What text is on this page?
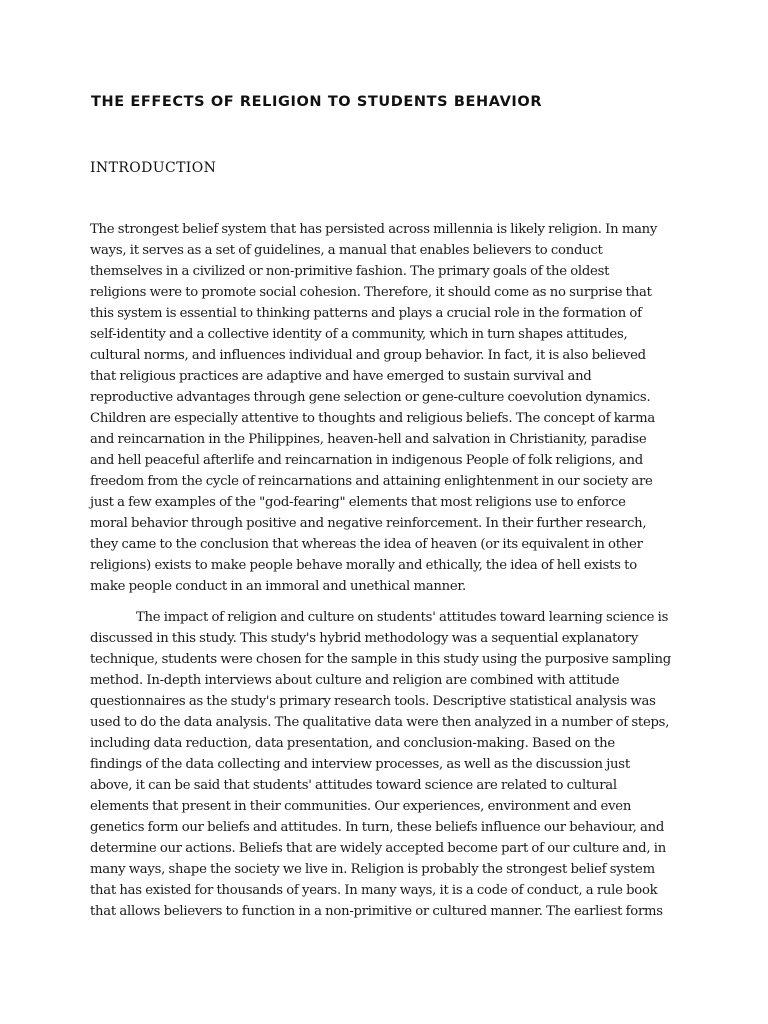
THE EFFECTS OF RELIGION TO STUDENTS BEHAVIOR
INTRODUCTION

The strongest belief system that has persisted across millennia is likely religion. In many
ways, it serves as a set of guidelines, a manual that enables believers to conduct
themselves in a civilized or non-primitive fashion. The primary goals of the oldest
religions were to promote social cohesion. Therefore, it should come as no surprise that
this system is essential to thinking patterns and plays a crucial role in the formation of
self-identity and a collective identity of a community, which in turn shapes attitudes,
cultural norms, and influences individual and group behavior. In fact, it is also believed
that religious practices are adaptive and have emerged to sustain survival and
reproductive advantages through gene selection or gene-culture coevolution dynamics.
Children are especially attentive to thoughts and religious beliefs. The concept of karma
and reincarnation in the Philippines, heaven-hell and salvation in Christianity, paradise
and hell peaceful afterlife and reincarnation in indigenous People of folk religions, and
freedom from the cycle of reincarnations and attaining enlightenment in our society are
just a few examples of the "god-fearing" elements that most religions use to enforce
moral behavior through positive and negative reinforcement. In their further research,
they came to the conclusion that whereas the idea of heaven (or its equivalent in other
religions) exists to make people behave morally and ethically, the idea of hell exists to
make people conduct in an immoral and unethical manner.

The impact of religion and culture on students' attitudes toward learning science is
discussed in this study. This study's hybrid methodology was a sequential explanatory
technique, students were chosen for the sample in this study using the purposive sampling
method. In-depth interviews about culture and religion are combined with attitude
questionnaires as the study's primary research tools. Descriptive statistical analysis was
used to do the data analysis. The qualitative data were then analyzed in a number of steps,
including data reduction, data presentation, and conclusion-making. Based on the
findings of the data collecting and interview processes, as well as the discussion just
above, it can be said that students' attitudes toward science are related to cultural
elements that present in their communities. Our experiences, environment and even
genetics form our beliefs and attitudes. In turn, these beliefs influence our behaviour, and
determine our actions. Beliefs that are widely accepted become part of our culture and, in
many ways, shape the society we live in. Religion is probably the strongest belief system
that has existed for thousands of years. In many ways, it is a code of conduct, a rule book
that allows believers to function in a non-primitive or cultured manner. The earliest forms
